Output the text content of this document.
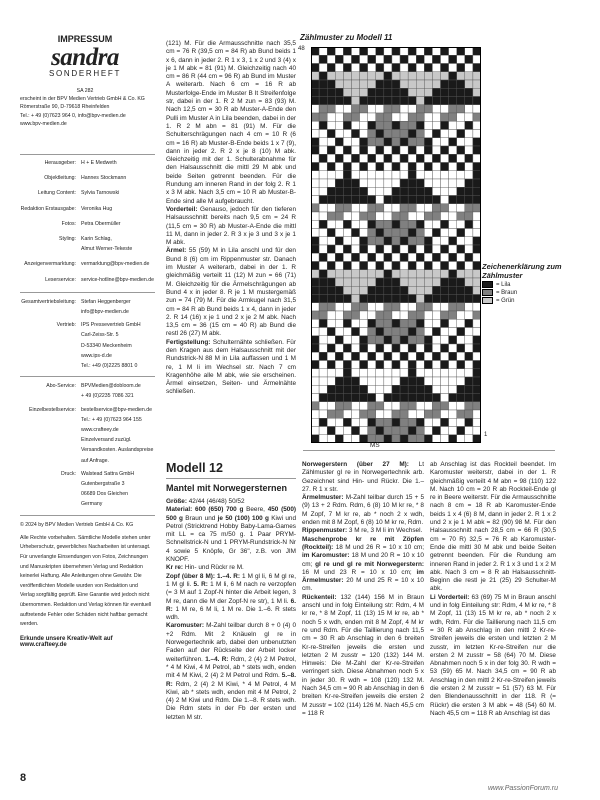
IMPRESSUM
sandra
SONDERHEFT
SA 282
erscheint in der BPV Medien Vertrieb GmbH & Co. KG
Römerstraße 90, D-79618 Rheinfelden
Tel.: + 49 (0)7623 964 0, info@bpv-medien.de
www.bpv-medien.de
Herausgeber: H + E Medweth
Objektleitung: Hannes Stockmann
Leitung Content: Sylvia Tarnowski
Redaktion Erstausgabe: Veronika Hug
Fotos: Petra Obermüller
Styling: Karin Schlag,
Almut Werner-Tekeste
Anzeigenvermarktung: vermarktung@bpv-medien.de
Leserservice: service-hotline@bpv-medien.de
Gesamtvertriebsleitung: Stefan Heggenberger
info@bpv-medien.de
Vertrieb: IPS Pressevertrieb GmbH
Carl-Zeiss-Str. 5
D-53340 Meckenheim
www.ips-d.de
Tel.: +49 (0)2225 8801 0
Abo-Service: BPVMedien@dobloom.de
+ 49 (0)2235 7086 321
Einzelbestellservice: bestellservice@bpv-medien.de
Tel.: + 49 (0)7623 964 155
www.crafteey.de
Einzelversand zuzügl.
Versandkosten. Auslandspreise
auf Anfrage.
Druck: Walstead Sattra GmbH
Gutenbergstraße 3
06689 Dos Gleichen
Germany
© 2024 by BPV Medien Vertrieb GmbH & Co. KG
Alle Rechte vorbehalten. Sämtliche Modelle stehen unter Urheberschutz, gewerbliches Nacharbeiten ist untersagt. Für unverlangte Einsendungen von Fotos, Zeichnungen und Manuskripten übernehmen Verlag und Redaktion keinerlei Haftung. Alle Anleitungen ohne Gewähr. Die veröffentlichten Modelle wurden von Redaktion und Verlag sorgfältig geprüft. Eine Garantie wird jedoch nicht übernommen. Redaktion und Verlag können für eventuell auftretende Fehler oder Schäden nicht haftbar gemacht werden.
Erkunde unsere Kreativ-Welt auf www.crafteey.de

(121) M. Für die Armausschnitte nach 35,5 cm = 76 R (39,5 cm = 84 R) ab Bund beids 1 x 6, dann in jeder 2. R 1 x 3, 1 x 2 und 3 (4) x je 1 M abk = 81 (91) M. Gleichzeitig nach 40 cm = 86 R (44 cm = 96 R) ab Bund im Muster A weiterarb. Nach 6 cm = 16 R ab Musterfolge-Ende im Muster B It Streifenfolge str, dabei in der 1. R 2 M zun = 83 (93) M. Nach 12,5 cm = 30 R ab Muster-A-Ende den Pulli im Muster A in Lila beenden, dabei in der 1. R 2 M abn = 81 (91) M. Für die Schulterschrägungen nach 4 cm = 10 R (6 cm = 16 R) ab Muster-B-Ende beids 1 x 7 (9), dann in jeder 2. R 2 x je 8 (10) M abk. Gleichzeitig mit der 1. Schulterabnahme für den Halsausschnitt die mittl 29 M abk und beide Seiten getrennt beenden. Für die Rundung am inneren Rand in der folg 2. R 1 x 3 M abk. Nach 3,5 cm = 10 R ab Muster-B-Ende sind alle M aufgebraucht.

Vorderteil: Genauso, jedoch für den tieferen Halsausschnitt bereits nach 9,5 cm = 24 R (11,5 cm = 30 R) ab Muster-A-Ende die mittl 11 M, dann in jeder 2. R 3 x je 3 und 3 x je 1 M abk.

Ärmel: 55 (59) M in Lila anschl und für den Bund 8 (6) cm im Rippenmuster str. Danach im Muster A weiterarb, dabei in der 1. R gleichmäßig verteilt 11 (12) M zun = 66 (71) M. Gleichzeitig für die Ärmelschrägungen ab Bund 4 x in jeder 8. R je 1 M mustergemäß zun = 74 (79) M. Für die Armkugel nach 31,5 cm = 84 R ab Bund beids 1 x 4, dann in jeder 2. R 14 (16) x je 1 und 2 x je 2 M abk. Nach 13,5 cm = 36 (15 cm = 40 R) ab Bund die restl 26 (27) M abk.

Fertigstellung: Schulternähte schließen. Für den Kragen aus dem Halsausschnitt mit der Rundstrick-N 88 M in Lila auffassen und 1 M re, 1 M li im Wechsel str. Nach 7 cm Kragenhöhe alle M abk, wie sie erscheinen. Ärmel einsetzen, Seiten- und Ärmelnähte schließen.

Zählmuster zu Modell 11
48
1
MS
Zeichenerklärung zum Zählmuster
= Lila
= Braun
= Grün
Modell 12
Mantel mit Norwegersternen

Größe: 42/44 (46/48) 50/52

Material: 600 (650) 700 g Beere, 450 (500) 500 g Braun und je 50 (100) 100 g Kiwi und Petrol (Stricktrend Hobby Baby-Lama-Games mit LL = ca 75 m/50 g. 1 Paar PRYM-Schnellstrick-N und 1 PRYM-Rundstrick-N Nr 4 sowie 5 Knöpfe, Gr 36", z.B. von JIM KNOPF.

Kr re: Hin- und Rückr re M.

Zopf (über 8 M): 1.–4. R: 1 M gl li, 6 M gl re, 1 M gl li. 5. R: 1 M li, 6 M nach re verzopfen (= 3 M auf 1 Zopf-N hinter die Arbeit legen, 3 M re, dann die M der Zopf-N re str), 1 M li. 6. R: 1 M re, 6 M li, 1 M re. Die 1.–6. R stets wdh.

Karomuster: M-Zahl teilbar durch 8 + 0 (4) 0 +2 Rdm. Mit 2 Knäueln gl re in Norwegertechnik arb, dabei den unbenutzten Faden auf der Rückseite der Arbeit locker weiterführen. 1.–4. R: Rdm, 2 (4) 2 M Petrol, * 4 M Kiwi, 4 M Petrol, ab * stets wdh, enden mit 4 M Kiwi, 2 (4) 2 M Petrol und Rdm. 5.–8. R: Rdm, 2 (4) 2 M Kiwi, * 4 M Petrol, 4 M Kiwi, ab * stets wdh, enden mit 4 M Petrol, 2 (4) 2 M Kiwi und Rdm. Die 1.–8. R stets wdh. Die Rdm stets in der Fb der ersten und letzten M str.

Norwegerstern (über 27 M): Lt Zählmuster gl re in Norwegertechnik arb. Gezeichnet sind Hin- und Rückr. Die 1.–27. R 1 x str.

Ärmelmuster: M-Zahl teilbar durch 15 + 5 (9) 13 + 2 Rdm. Rdm, 6 (8) 10 M kr re, * 8 M Zopf, 7 M kr re, ab * noch 2 x wdh, enden mit 8 M Zopf, 6 (8) 10 M kr re, Rdm.

Rippenmuster: 3 M re, 3 M li im Wechsel.

Maschenprobe kr re mit Zöpfen (Rockteil): 18 M und 26 R = 10 x 10 cm; im Karomuster: 18 M und 20 R = 10 x 10 cm; gl re und gl re mit Norwegerstern: 16 M und 23 R = 10 x 10 cm; im Ärmelmuster: 20 M und 25 R = 10 x 10 cm.

Rückenteil: 132 (144) 156 M in Braun anschl und in folg Einteilung str: Rdm, 4 M kr re, * 8 M Zopf, 11 (13) 15 M kr re, ab * noch 5 x wdh, enden mit 8 M Zopf, 4 M kr re und Rdm. Für die Taillierung nach 11,5 cm = 30 R ab Anschlag in den 6 breiten Kr-re-Streifen jeweils die ersten und letzten 2 M zusstr = 120 (132) 144 M. Hinweis: Die M-Zahl der Kr-re-Streifen verringert sich. Diese Abnahmen noch 5 x in jeder 30. R wdh = 108 (120) 132 M. Nach 34,5 cm = 90 R ab Anschlag in den 6 breiten Kr-re-Streifen jeweils die ersten 2 M zusstr = 102 (114) 126 M. Nach 45,5 cm = 118 R

ab Anschlag ist das Rockteil beendet. Im Karomuster weiterstr, dabei in der 1. R gleichmäßig verteilt 4 M abn = 98 (110) 122 M. Nach 10 cm = 20 R ab Rockteil-Ende gl re in Beere weiterstr. Für die Armausschnitte nach 8 cm = 18 R ab Karomuster-Ende beids 1 x 4 (6) 8 M, dann in jeder 2. R 1 x 2 und 2 x je 1 M abk = 82 (90) 98 M. Für den Halsausschnitt nach 28,5 cm = 66 R (30,5 cm = 70 R) 32,5 = 76 R ab Karomuster-Ende die mittl 30 M abk und beide Seiten getrennt beenden. Für die Rundung am inneren Rand in jeder 2. R 1 x 3 und 1 x 2 M abk. Nach 3 cm = 8 R ab Halsausschnitt-Beginn die restl je 21 (25) 29 Schulter-M abk.

Li Vorderteil: 63 (69) 75 M in Braun anschl und in folg Einteilung str: Rdm, 4 M kr re, * 8 M Zopf, 11 (13) 15 M kr re, ab * noch 2 x wdh, Rdm. Für die Taillierung nach 11,5 cm = 30 R ab Anschlag in den mittl 2 Kr-re-Streifen jeweils die ersten und letzten 2 M zusstr, im letzten Kr-re-Streifen nur die ersten 2 M zusstr = 58 (64) 70 M. Diese Abnahmen noch 5 x in der folg 30. R wdh = 53 (59) 65 M. Nach 34,5 cm = 90 R ab Anschlag in den mittl 2 Kr-re-Streifen jeweils die ersten 2 M zusstr = 51 (57) 63 M. Für den Blendenausschnitt in der 118. R (= Rückr) die ersten 3 M abk = 48 (54) 60 M. Nach 45,5 cm = 118 R ab Anschlag ist das

8
www.PassionForum.ru
